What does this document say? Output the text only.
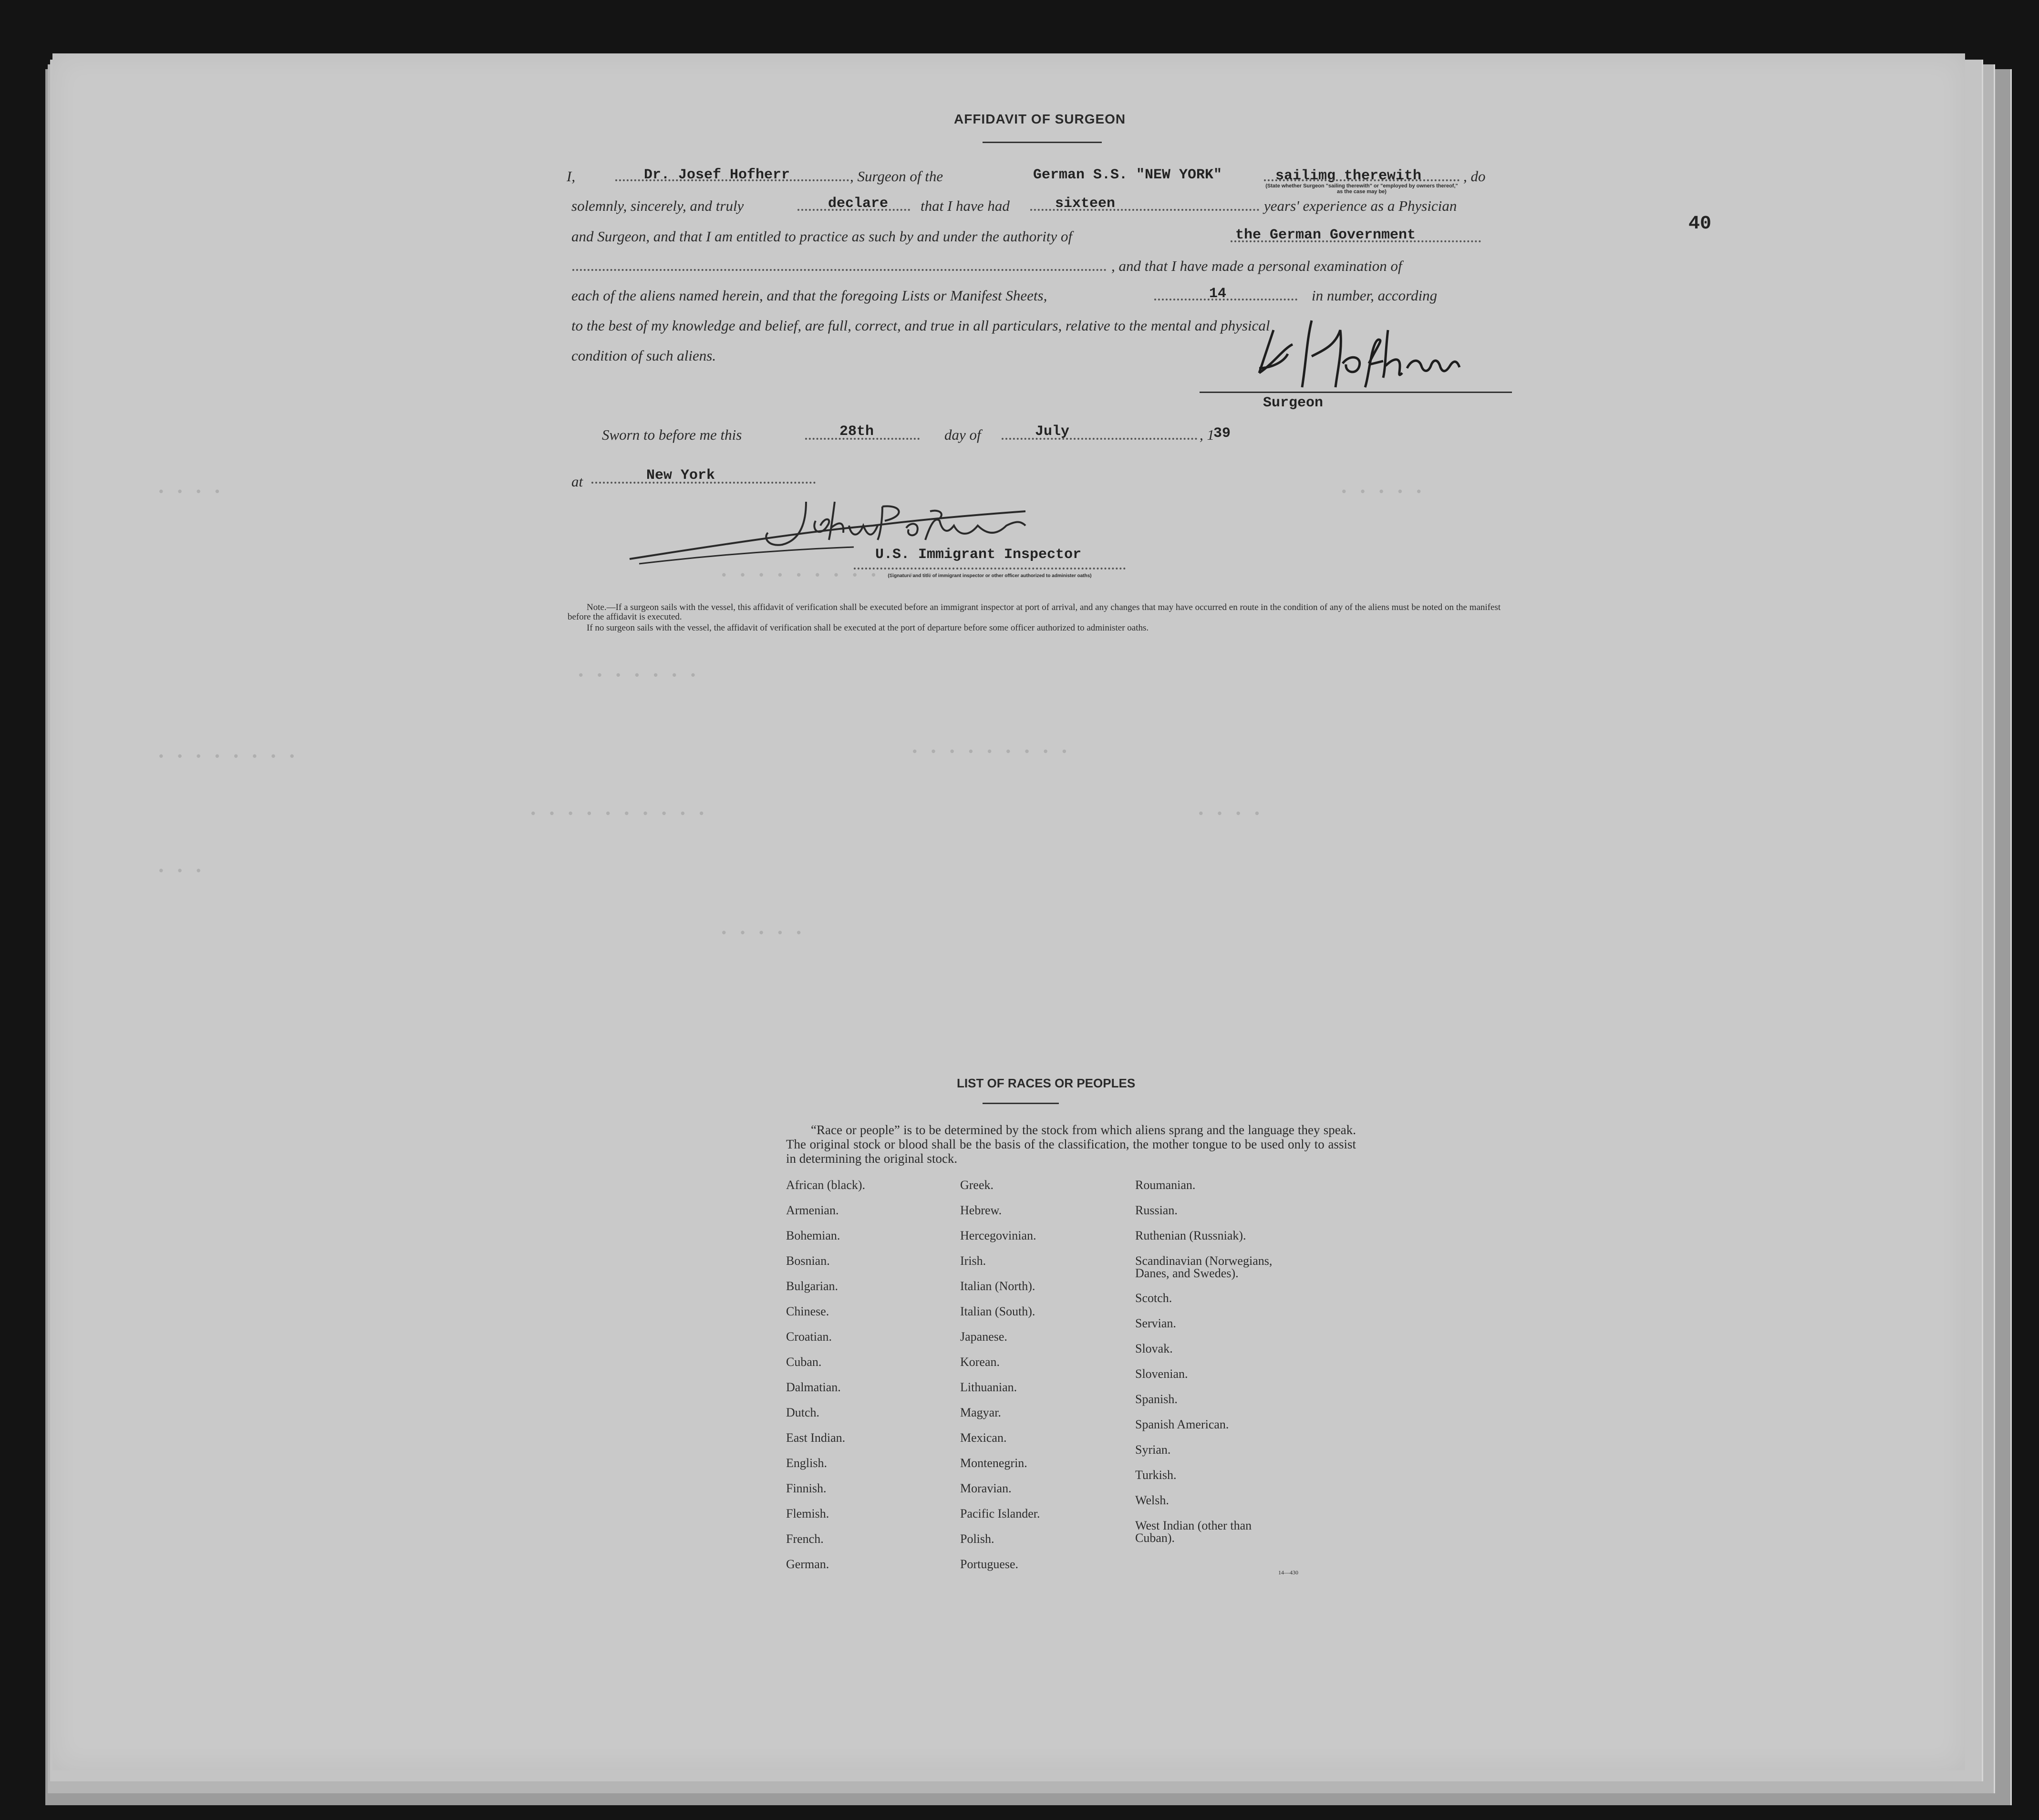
40
AFFIDAVIT OF SURGEON
I,	Dr. Josef Hofherr	, Surgeon of the	German S.S. "NEW YORK"	sailimg therewith	, do
(State whether Surgeon "sailing therewith" or "employed by owners thereof," as the case may be)
solemnly, sincerely, and truly	declare that I have had	sixteen	years' experience as a Physician
and Surgeon, and that I am entitled to practice as such by and under the authority of	the German Government
, and that I have made a personal examination of
each of the aliens named herein, and that the foregoing Lists or Manifest Sheets,	14	in number, according
to the best of my knowledge and belief, are full, correct, and true in all particulars, relative to the mental and physical
condition of such aliens.
Surgeon
Sworn to before me this	28th	day of	July	, 1
39
at	New York
U.S. Immigrant Inspector
(Signature and title of immigrant inspector or other officer authorized to administer oaths)
Note.—If a surgeon sails with the vessel, this affidavit of verification shall be executed before an immigrant inspector at port of arrival, and any changes that may have occurred en route in the condition of any of the aliens must be noted on the manifest before the affidavit is executed.
If no surgeon sails with the vessel, the affidavit of verification shall be executed at the port of departure before some officer authorized to administer oaths.
• • • •	• • • • •
• • • • • • • • • • • •
• • • • • • •
• • • • • • • • •
• • • • • • • •
• • • • • • • • • •	• • • •
• • •
• • • • •
LIST OF RACES OR PEOPLES
“Race or people” is to be determined by the stock from which aliens sprang and the language they speak. The original stock or blood shall be the basis of the classification, the mother tongue to be used only to assist in determining the original stock.
African (black).
Armenian.
Bohemian.
Bosnian.
Bulgarian.
Chinese.
Croatian.
Cuban.
Dalmatian.
Dutch.
East Indian.
English.
Finnish.
Flemish.
French.
German.
Greek.
Hebrew.
Hercegovinian.
Irish.
Italian (North).
Italian (South).
Japanese.
Korean.
Lithuanian.
Magyar.
Mexican.
Montenegrin.
Moravian.
Pacific Islander.
Polish.
Portuguese.
Roumanian.
Russian.
Ruthenian (Russniak).
Scandinavian (Norwegians, Danes, and Swedes).
Scotch.
Servian.
Slovak.
Slovenian.
Spanish.
Spanish American.
Syrian.
Turkish.
Welsh.
West Indian (other than Cuban).
14—430
